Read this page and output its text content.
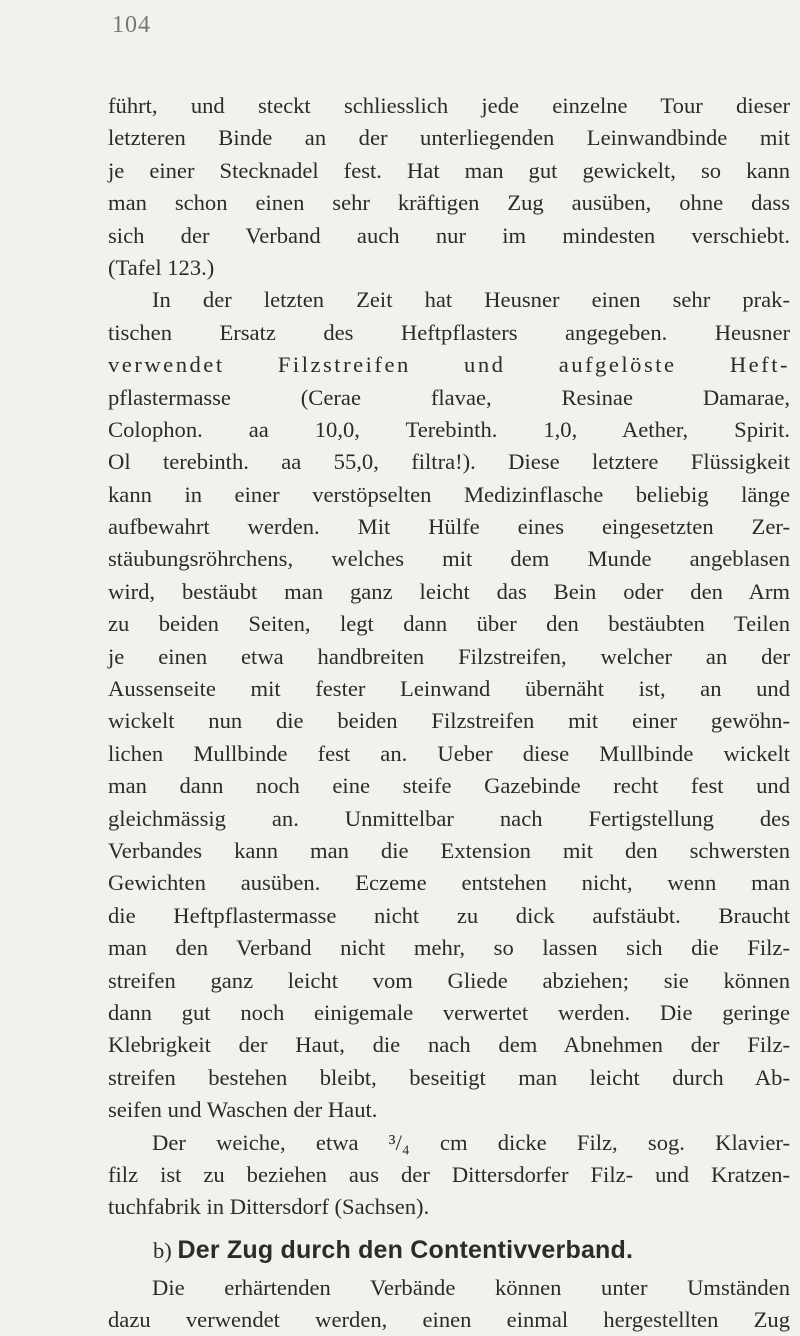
104
führt, und steckt schliesslich jede einzelne Tour dieser
letzteren Binde an der unterliegenden Leinwandbinde mit
je einer Stecknadel fest. Hat man gut gewickelt, so kann
man schon einen sehr kräftigen Zug ausüben, ohne dass
sich der Verband auch nur im mindesten verschiebt.
(Tafel 123.)
In der letzten Zeit hat Heusner einen sehr prak-
tischen Ersatz des Heftpflasters angegeben. Heusner
verwendet Filzstreifen und aufgelöste Heft-
pflastermasse (Cerae flavae, Resinae Damarae,
Colophon. aa 10,0, Terebinth. 1,0, Aether, Spirit.
Ol terebinth. aa 55,0, filtra!). Diese letztere Flüssigkeit
kann in einer verstöpselten Medizinflasche beliebig länge
aufbewahrt werden. Mit Hülfe eines eingesetzten Zer-
stäubungsröhrchens, welches mit dem Munde angeblasen
wird, bestäubt man ganz leicht das Bein oder den Arm
zu beiden Seiten, legt dann über den bestäubten Teilen
je einen etwa handbreiten Filzstreifen, welcher an der
Aussenseite mit fester Leinwand übernäht ist, an und
wickelt nun die beiden Filzstreifen mit einer gewöhn-
lichen Mullbinde fest an. Ueber diese Mullbinde wickelt
man dann noch eine steife Gazebinde recht fest und
gleichmässig an. Unmittelbar nach Fertigstellung des
Verbandes kann man die Extension mit den schwersten
Gewichten ausüben. Eczeme entstehen nicht, wenn man
die Heftpflastermasse nicht zu dick aufstäubt. Braucht
man den Verband nicht mehr, so lassen sich die Filz-
streifen ganz leicht vom Gliede abziehen; sie können
dann gut noch einigemale verwertet werden. Die geringe
Klebrigkeit der Haut, die nach dem Abnehmen der Filz-
streifen bestehen bleibt, beseitigt man leicht durch Ab-
seifen und Waschen der Haut.
Der weiche, etwa ³/₄ cm dicke Filz, sog. Klavier-
filz ist zu beziehen aus der Dittersdorfer Filz- und Kratzen-
tuchfabrik in Dittersdorf (Sachsen).
b) Der Zug durch den Contentivverband.
Die erhärtenden Verbände können unter Umständen
dazu verwendet werden, einen einmal hergestellten Zug
